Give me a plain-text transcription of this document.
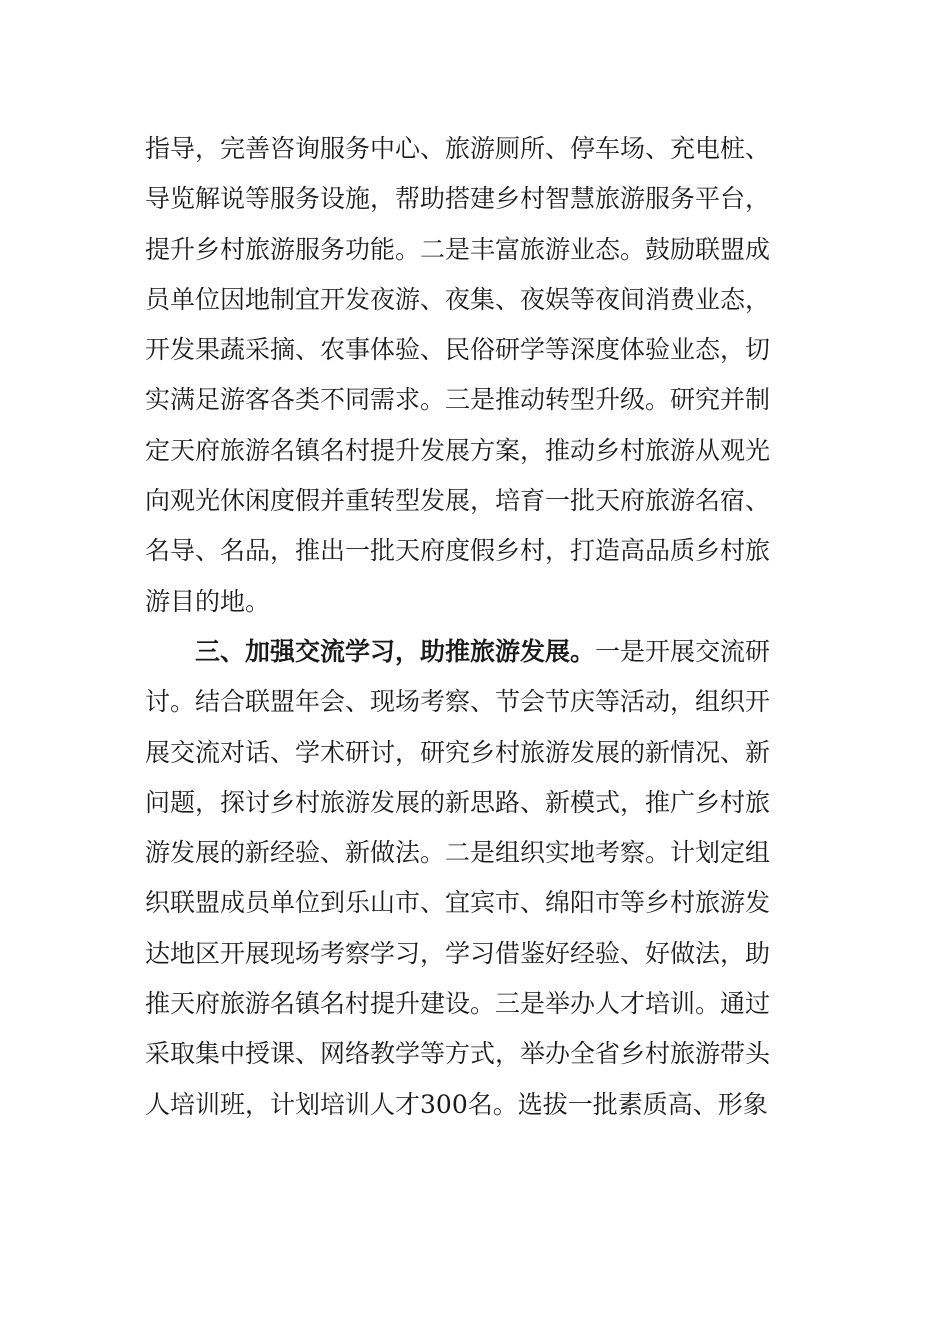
指导，完善咨询服务中心、旅游厕所、停车场、充电桩、
导览解说等服务设施，帮助搭建乡村智慧旅游服务平台，
提升乡村旅游服务功能。二是丰富旅游业态。鼓励联盟成
员单位因地制宜开发夜游、夜集、夜娱等夜间消费业态，
开发果蔬采摘、农事体验、民俗研学等深度体验业态，切
实满足游客各类不同需求。三是推动转型升级。研究并制
定天府旅游名镇名村提升发展方案，推动乡村旅游从观光
向观光休闲度假并重转型发展，培育一批天府旅游名宿、
名导、名品，推出一批天府度假乡村，打造高品质乡村旅
游目的地。
三、加强交流学习，助推旅游发展。一是开展交流研
讨。结合联盟年会、现场考察、节会节庆等活动，组织开
展交流对话、学术研讨，研究乡村旅游发展的新情况、新
问题，探讨乡村旅游发展的新思路、新模式，推广乡村旅
游发展的新经验、新做法。二是组织实地考察。计划定组
织联盟成员单位到乐山市、宜宾市、绵阳市等乡村旅游发
达地区开展现场考察学习，学习借鉴好经验、好做法，助
推天府旅游名镇名村提升建设。三是举办人才培训。通过
采取集中授课、网络教学等方式，举办全省乡村旅游带头
人培训班，计划培训人才300名。选拔一批素质高、形象
